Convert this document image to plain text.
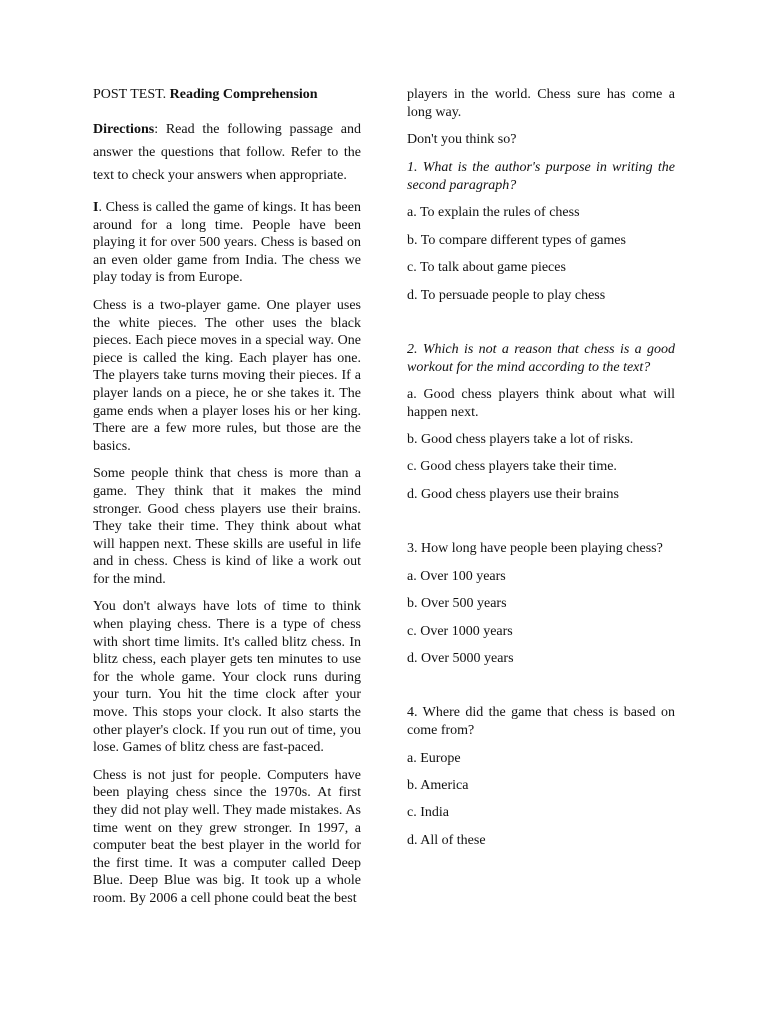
POST TEST. Reading Comprehension

Directions: Read the following passage and answer the questions that follow. Refer to the text to check your answers when appropriate.

I. Chess is called the game of kings. It has been around for a long time. People have been playing it for over 500 years. Chess is based on an even older game from India. The chess we play today is from Europe.

Chess is a two-player game. One player uses the white pieces. The other uses the black pieces. Each piece moves in a special way. One piece is called the king. Each player has one. The players take turns moving their pieces. If a player lands on a piece, he or she takes it. The game ends when a player loses his or her king. There are a few more rules, but those are the basics.

Some people think that chess is more than a game. They think that it makes the mind stronger. Good chess players use their brains. They take their time. They think about what will happen next. These skills are useful in life and in chess. Chess is kind of like a work out for the mind.

You don't always have lots of time to think when playing chess. There is a type of chess with short time limits. It's called blitz chess. In blitz chess, each player gets ten minutes to use for the whole game. Your clock runs during your turn. You hit the time clock after your move. This stops your clock. It also starts the other player's clock. If you run out of time, you lose. Games of blitz chess are fast-paced.

Chess is not just for people. Computers have been playing chess since the 1970s. At first they did not play well. They made mistakes. As time went on they grew stronger. In 1997, a computer beat the best player in the world for the first time. It was a computer called Deep Blue. Deep Blue was big. It took up a whole room. By 2006 a cell phone could beat the best

players in the world. Chess sure has come a long way.

Don't you think so?

1. What is the author's purpose in writing the second paragraph?

a. To explain the rules of chess

b. To compare different types of games

c. To talk about game pieces

d. To persuade people to play chess

2. Which is not a reason that chess is a good workout for the mind according to the text?

a. Good chess players think about what will happen next.

b. Good chess players take a lot of risks.

c. Good chess players take their time.

d. Good chess players use their brains

3. How long have people been playing chess?

a. Over 100 years

b. Over 500 years

c. Over 1000 years

d. Over 5000 years

4. Where did the game that chess is based on come from?

a. Europe

b. America

c. India

d. All of these
